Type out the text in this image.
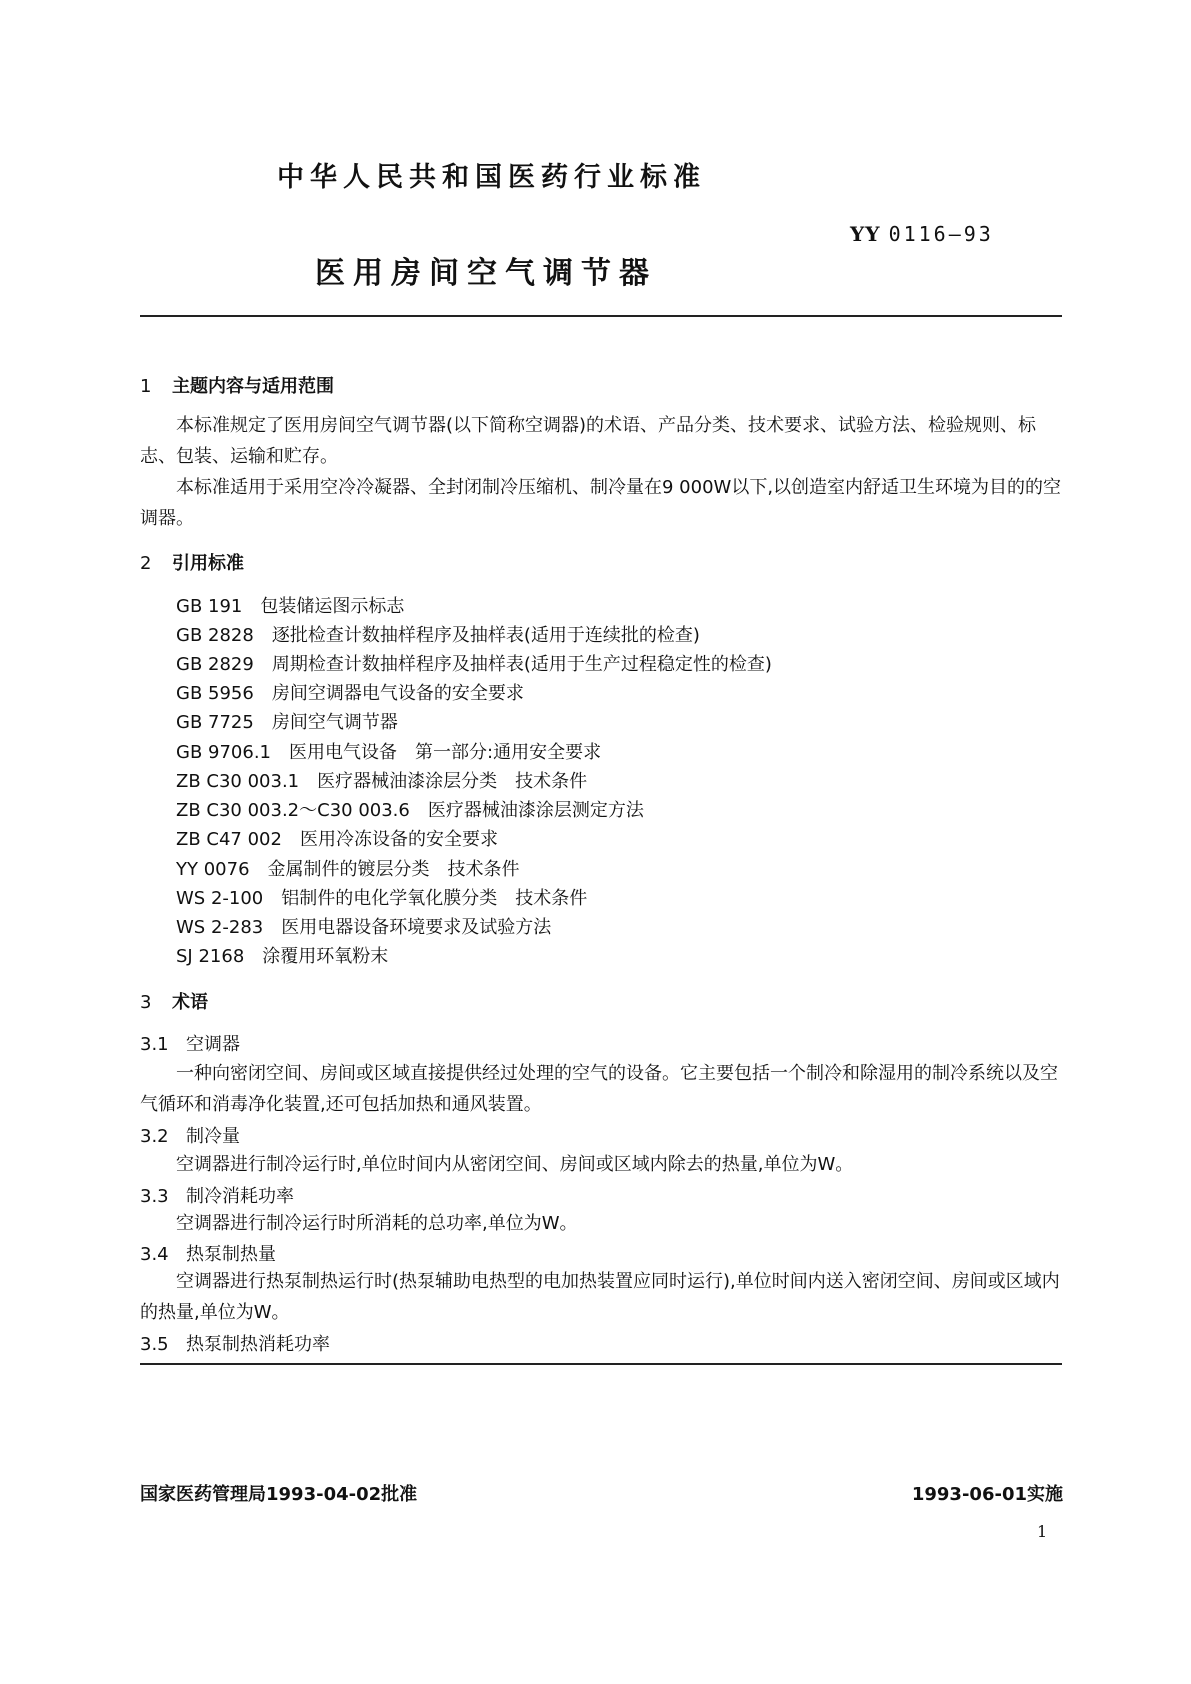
中华人民共和国医药行业标准
YY 0116—93
医用房间空气调节器
1 主题内容与适用范围
本标准规定了医用房间空气调节器(以下简称空调器)的术语、产品分类、技术要求、试验方法、检验规则、标志、包装、运输和贮存。
本标准适用于采用空冷冷凝器、全封闭制冷压缩机、制冷量在9 000W以下,以创造室内舒适卫生环境为目的的空调器。
2 引用标准
GB 191 包装储运图示标志
GB 2828 逐批检查计数抽样程序及抽样表(适用于连续批的检查)
GB 2829 周期检查计数抽样程序及抽样表(适用于生产过程稳定性的检查)
GB 5956 房间空调器电气设备的安全要求
GB 7725 房间空气调节器
GB 9706.1 医用电气设备　第一部分:通用安全要求
ZB C30 003.1 医疗器械油漆涂层分类　技术条件
ZB C30 003.2～C30 003.6 医疗器械油漆涂层测定方法
ZB C47 002 医用冷冻设备的安全要求
YY 0076 金属制件的镀层分类　技术条件
WS 2-100 铝制件的电化学氧化膜分类　技术条件
WS 2-283 医用电器设备环境要求及试验方法
SJ 2168 涂覆用环氧粉末
3 术语
3.1 空调器
一种向密闭空间、房间或区域直接提供经过处理的空气的设备。它主要包括一个制冷和除湿用的制冷系统以及空气循环和消毒净化装置,还可包括加热和通风装置。
3.2 制冷量
空调器进行制冷运行时,单位时间内从密闭空间、房间或区域内除去的热量,单位为W。
3.3 制冷消耗功率
空调器进行制冷运行时所消耗的总功率,单位为W。
3.4 热泵制热量
空调器进行热泵制热运行时(热泵辅助电热型的电加热装置应同时运行),单位时间内送入密闭空间、房间或区域内的热量,单位为W。
3.5 热泵制热消耗功率
国家医药管理局1993-04-02批准	1993-06-01实施
1
